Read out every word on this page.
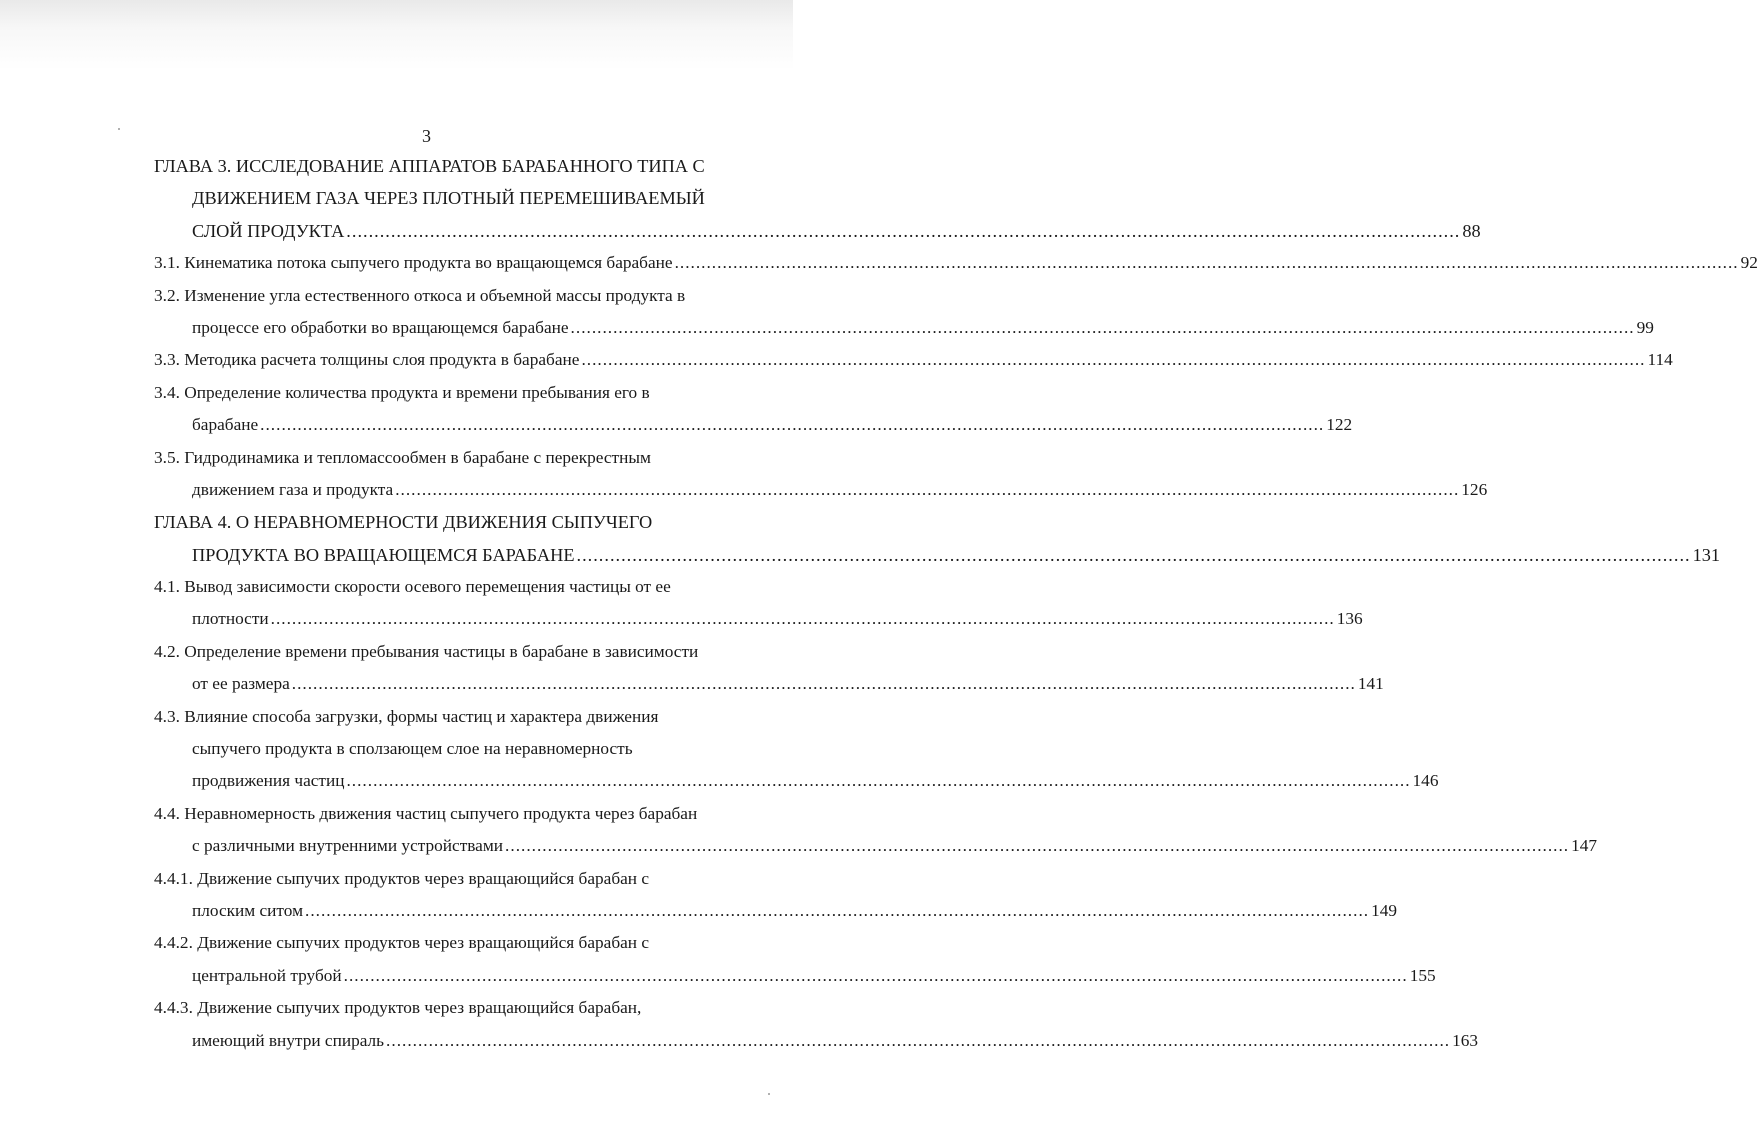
3
ГЛАВА 3. ИССЛЕДОВАНИЕ АППАРАТОВ БАРАБАННОГО ТИПА С
ДВИЖЕНИЕМ ГАЗА ЧЕРЕЗ ПЛОТНЫЙ ПЕРЕМЕШИВАЕМЫЙ
СЛОЙ ПРОДУКТА ........................................................................................................................................................................................................ 88
3.1. Кинематика потока сыпучего продукта во вращающемся барабане ........................................................................................................................................................................................................ 92
3.2. Изменение угла естественного откоса и объемной массы продукта в
процессе его обработки во вращающемся барабане ........................................................................................................................................................................................................ 99
3.3. Методика расчета толщины слоя продукта в барабане ........................................................................................................................................................................................................ 114
3.4. Определение количества продукта и времени пребывания его в
барабане ........................................................................................................................................................................................................ 122
3.5. Гидродинамика и тепломассообмен в барабане с перекрестным
движением газа и продукта ........................................................................................................................................................................................................ 126
ГЛАВА 4. О НЕРАВНОМЕРНОСТИ ДВИЖЕНИЯ СЫПУЧЕГО
ПРОДУКТА ВО ВРАЩАЮЩЕМСЯ БАРАБАНЕ ........................................................................................................................................................................................................ 131
4.1. Вывод зависимости скорости осевого перемещения частицы от ее
плотности ........................................................................................................................................................................................................ 136
4.2. Определение времени пребывания частицы в барабане в зависимости
от ее размера ........................................................................................................................................................................................................ 141
4.3. Влияние способа загрузки, формы частиц и характера движения
сыпучего продукта в сползающем слое на неравномерность
продвижения частиц ........................................................................................................................................................................................................ 146
4.4. Неравномерность движения частиц сыпучего продукта через барабан
с различными внутренними устройствами ........................................................................................................................................................................................................ 147
4.4.1. Движение сыпучих продуктов через вращающийся барабан с
плоским ситом ........................................................................................................................................................................................................ 149
4.4.2. Движение сыпучих продуктов через вращающийся барабан с
центральной трубой ........................................................................................................................................................................................................ 155
4.4.3. Движение сыпучих продуктов через вращающийся барабан,
имеющий внутри спираль ........................................................................................................................................................................................................ 163
